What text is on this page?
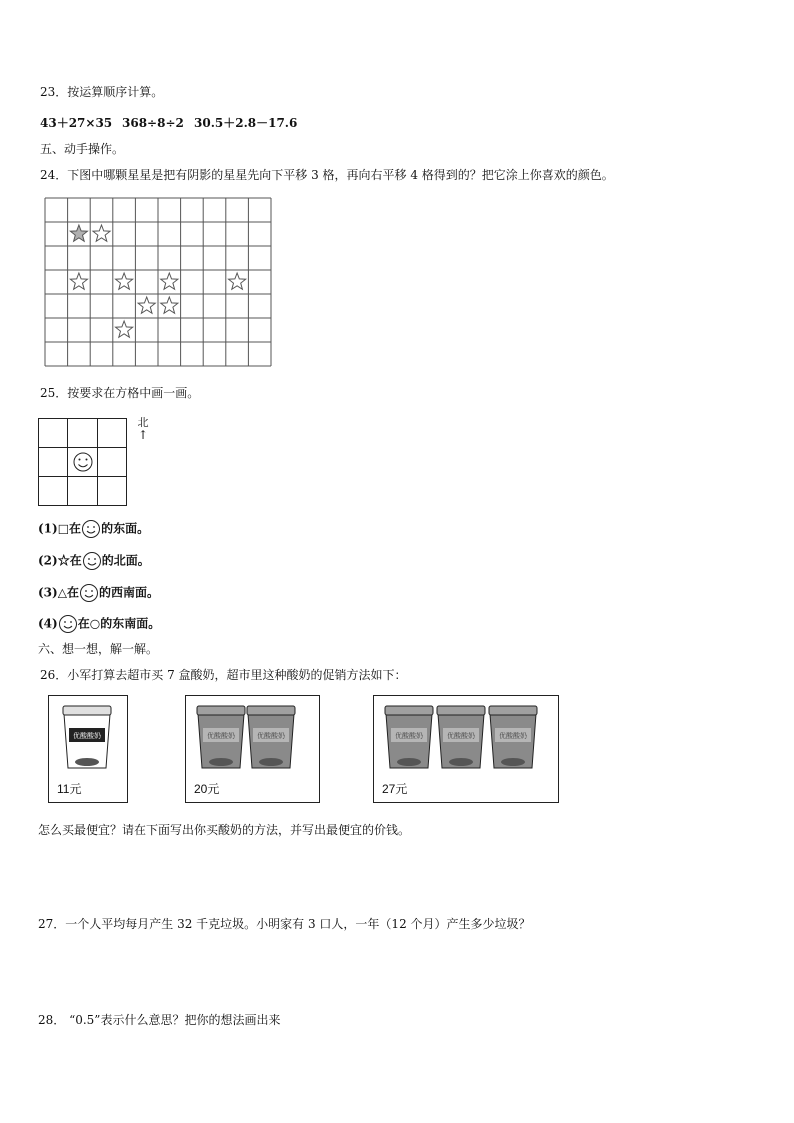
23．按运算顺序计算。
43＋27×35 368÷8÷2 30.5＋2.8－17.6
五、动手操作。
24．下图中哪颗星星是把有阴影的星星先向下平移 3 格，再向右平移 4 格得到的？把它涂上你喜欢的颜色。
25．按要求在方格中画一画。
北
↑
(1)□在 的东面。
(2)☆在 的北面。
(3)△在 的西南面。
(4) 在○的东南面。
六、想一想，解一解。
26．小军打算去超市买 7 盒酸奶，超市里这种酸奶的促销方法如下：
优酸酸奶
11元
优酸酸奶	优酸酸奶
20元
优酸酸奶	优酸酸奶	优酸酸奶
27元
怎么买最便宜？请在下面写出你买酸奶的方法，并写出最便宜的价钱。
27．一个人平均每月产生 32 千克垃圾。小明家有 3 口人，一年（12 个月）产生多少垃圾？
28． “0.5”表示什么意思？把你的想法画出来
